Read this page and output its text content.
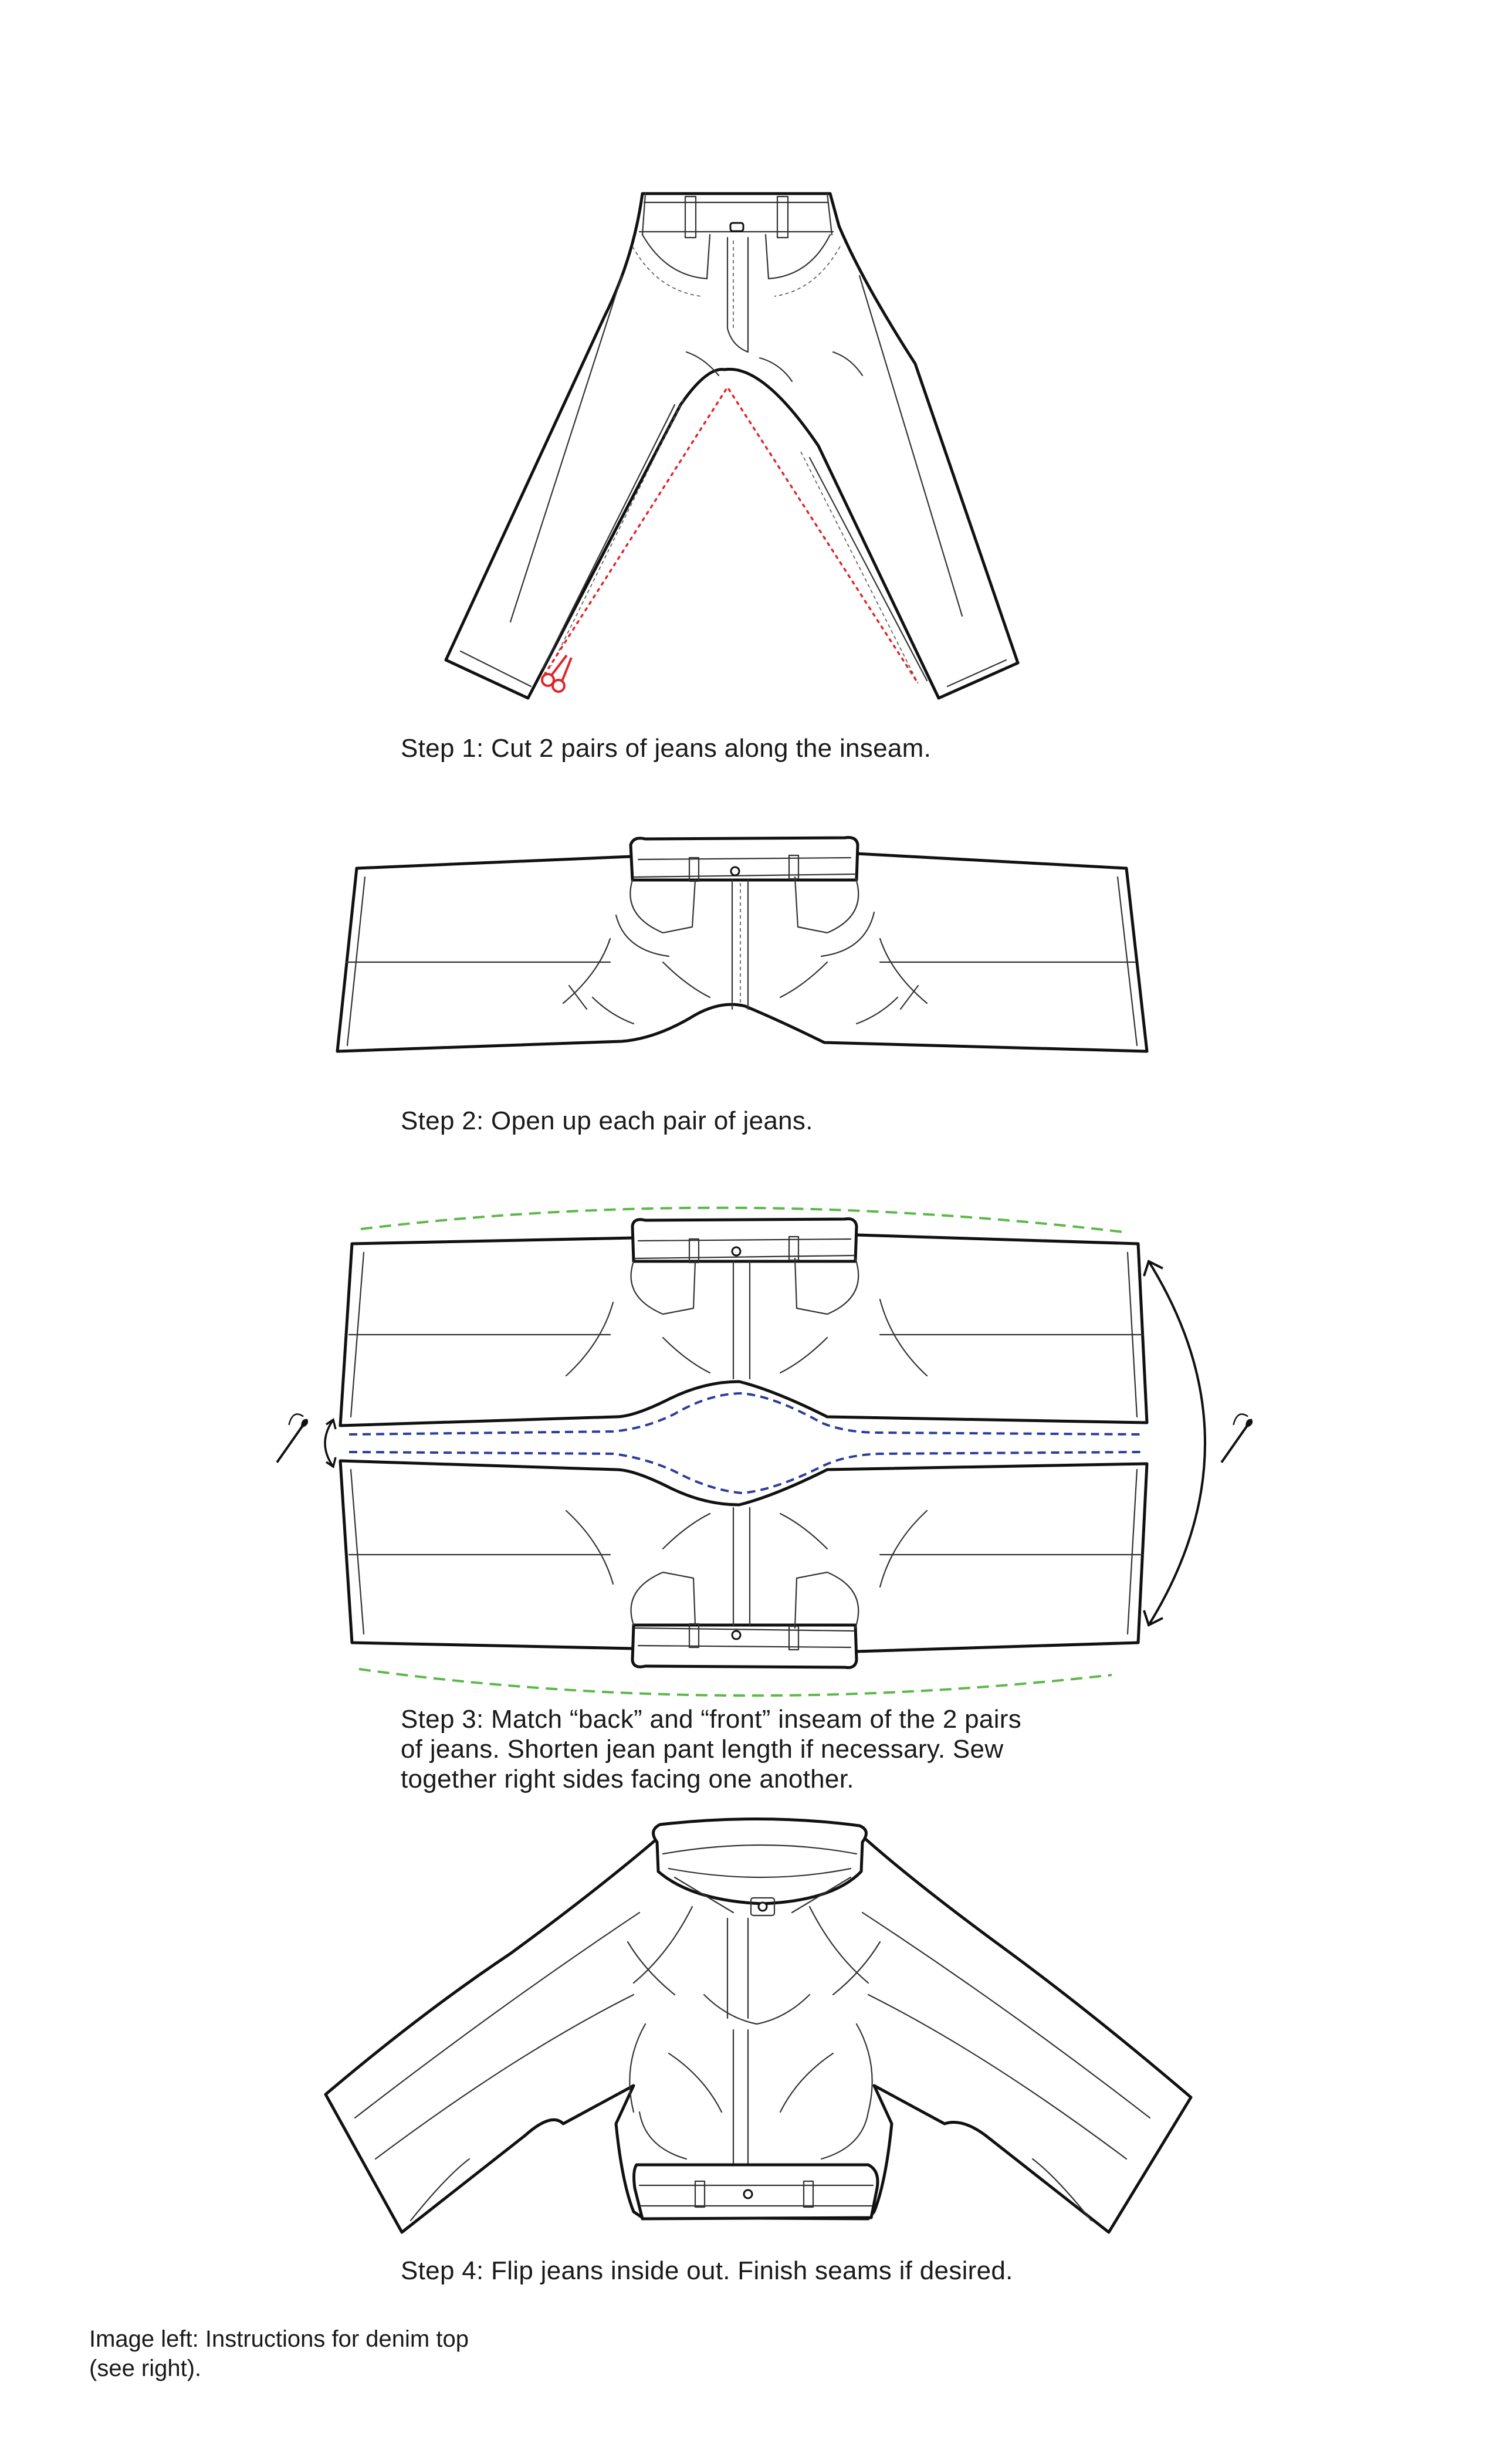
Step 1: Cut 2 pairs of jeans along the inseam.

Step 2: Open up each pair of jeans.

Step 3: Match “back” and “front” inseam of the 2 pairs
of jeans. Shorten jean pant length if necessary. Sew
together right sides facing one another.

Step 4: Flip jeans inside out. Finish seams if desired.

Image left: Instructions for denim top
(see right).
